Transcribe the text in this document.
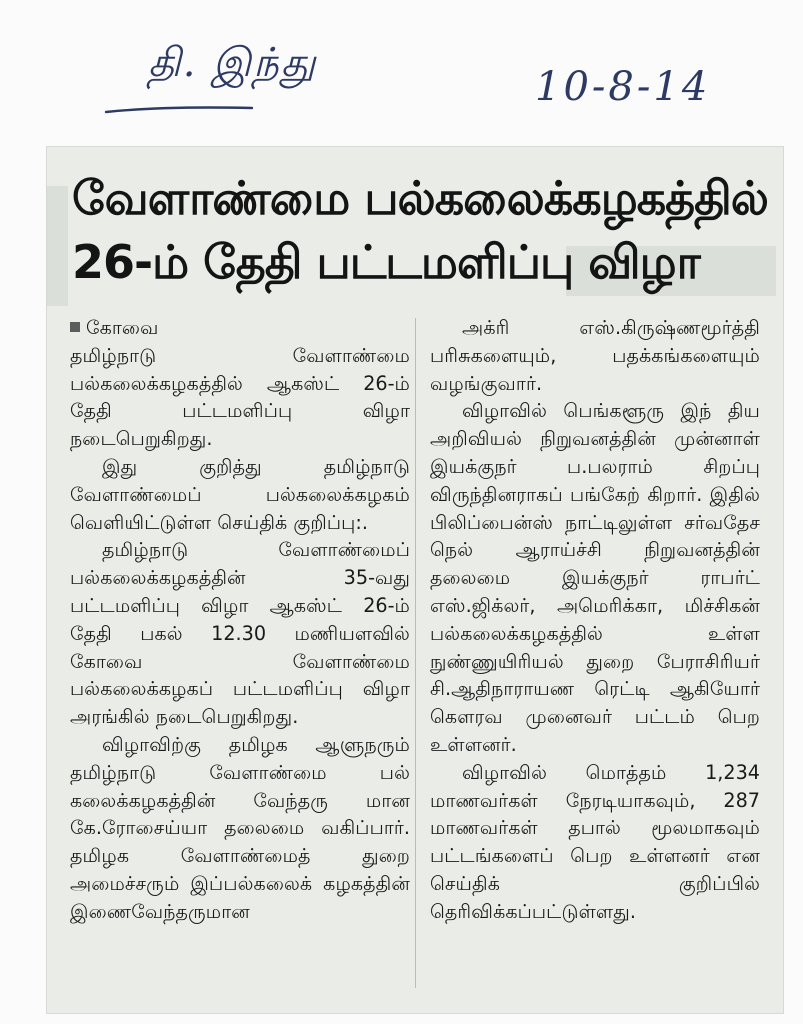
தி. இந்து
10-8-14
வேளாண்மை பல்கலைக்கழகத்தில்
26-ம் தேதி பட்டமளிப்பு விழா

கோவை

தமிழ்நாடு வேளாண்மை பல்கலைக்கழகத்தில் ஆகஸ்ட் 26-ம் தேதி பட்டமளிப்பு விழா நடைபெறுகிறது.

இது குறித்து தமிழ்நாடு வேளாண்மைப் பல்கலைக்கழகம் வெளியிட்டுள்ள செய்திக் குறிப்பு:.

தமிழ்நாடு வேளாண்மைப் பல்கலைக்கழகத்தின் 35-வது பட்டமளிப்பு விழா ஆகஸ்ட் 26-ம் தேதி பகல் 12.30 மணியளவில் கோவை வேளாண்மை பல்கலைக்கழகப் பட்டமளிப்பு விழா அரங்கில் நடைபெறுகிறது.

விழாவிற்கு தமிழக ஆளுநரும் தமிழ்நாடு வேளாண்மை பல் கலைக்கழகத்தின் வேந்தரு மான கே.ரோசைய்யா தலைமை வகிப்பார். தமிழக வேளாண்மைத் துறை அமைச்சரும் இப்பல்கலைக் கழகத்தின் இணைவேந்தருமான

அக்ரி எஸ்.கிருஷ்ணமூர்த்தி பரிசுகளையும், பதக்கங்களையும் வழங்குவார்.

விழாவில் பெங்களூரு இந் திய அறிவியல் நிறுவனத்தின் முன்னாள் இயக்குநர் ப.பலராம் சிறப்பு விருந்தினராகப் பங்கேற் கிறார். இதில் பிலிப்பைன்ஸ் நாட்டிலுள்ள சர்வதேச நெல் ஆராய்ச்சி நிறுவனத்தின் தலைமை இயக்குநர் ராபர்ட் எஸ்.ஜிக்லர், அமெரிக்கா, மிச்சிகன் பல்கலைக்கழகத்தில் உள்ள நுண்ணுயிரியல் துறை பேராசிரியர் சி.ஆதிநாராயண ரெட்டி ஆகியோர் கௌரவ முனைவர் பட்டம் பெற உள்ளனர்.

விழாவில் மொத்தம் 1,234 மாணவர்கள் நேரடியாகவும், 287 மாணவர்கள் தபால் மூலமாகவும் பட்டங்களைப் பெற உள்ளனர் என செய்திக் குறிப்பில் தெரிவிக்கப்பட்டுள்ளது.
